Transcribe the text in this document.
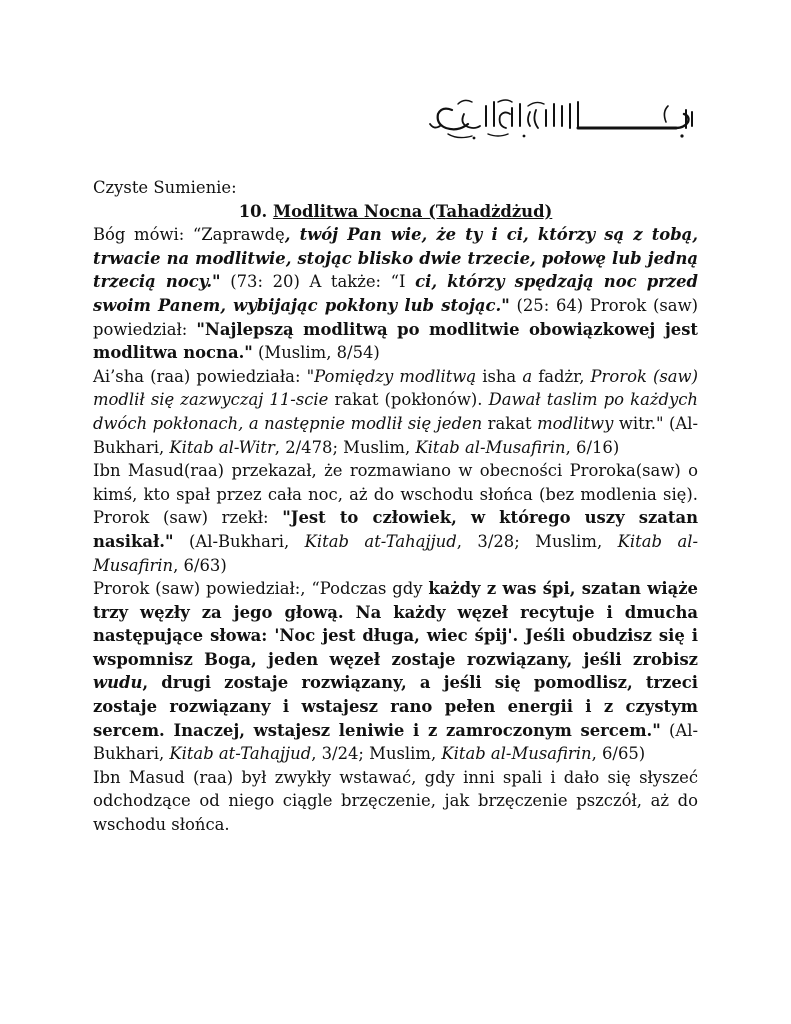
Czyste Sumienie:

10. Modlitwa Nocna (Tahadżdżud)

Bóg mówi: “Zaprawdę, twój Pan wie, że ty i ci, którzy są z tobą, trwacie na modlitwie, stojąc blisko dwie trzecie, połowę lub jedną trzecią nocy." (73: 20) A także: “I ci, którzy spędzają noc przed swoim Panem, wybijając pokłony lub stojąc." (25: 64) Prorok (saw) powiedział: "Najlepszą modlitwą po modlitwie obowiązkowej jest modlitwa nocna." (Muslim, 8/54)

Ai’sha (raa) powiedziała: "Pomiędzy modlitwą isha a fadżr, Prorok (saw) modlił się zazwyczaj 11-scie rakat (pokłonów). Dawał taslim po każdych dwóch pokłonach, a następnie modlił się jeden rakat modlitwy witr." (Al-Bukhari, Kitab al-Witr, 2/478; Muslim, Kitab al-Musafirin, 6/16)

Ibn Masud(raa) przekazał, że rozmawiano w obecności Proroka(saw) o kimś, kto spał przez cała noc, aż do wschodu słońca (bez modlenia się). Prorok (saw) rzekł: "Jest to człowiek, w którego uszy szatan nasikał." (Al-Bukhari, Kitab at-Tahajjud, 3/28; Muslim, Kitab al-Musafirin, 6/63)

Prorok (saw) powiedział:, “Podczas gdy każdy z was śpi, szatan wiąże trzy węzły za jego głową. Na każdy węzeł recytuje i dmucha następujące słowa: 'Noc jest długa, wiec śpij'. Jeśli obudzisz się i wspomnisz Boga, jeden węzeł zostaje rozwiązany, jeśli zrobisz wudu, drugi zostaje rozwiązany, a jeśli się pomodlisz, trzeci zostaje rozwiązany i wstajesz rano pełen energii i z czystym sercem. Inaczej, wstajesz leniwie i z zamroczonym sercem." (Al-Bukhari, Kitab at-Tahajjud, 3/24; Muslim, Kitab al-Musafirin, 6/65)

Ibn Masud (raa) był zwykły wstawać, gdy inni spali i dało się słyszeć odchodzące od niego ciągle brzęczenie, jak brzęczenie pszczół, aż do wschodu słońca.
